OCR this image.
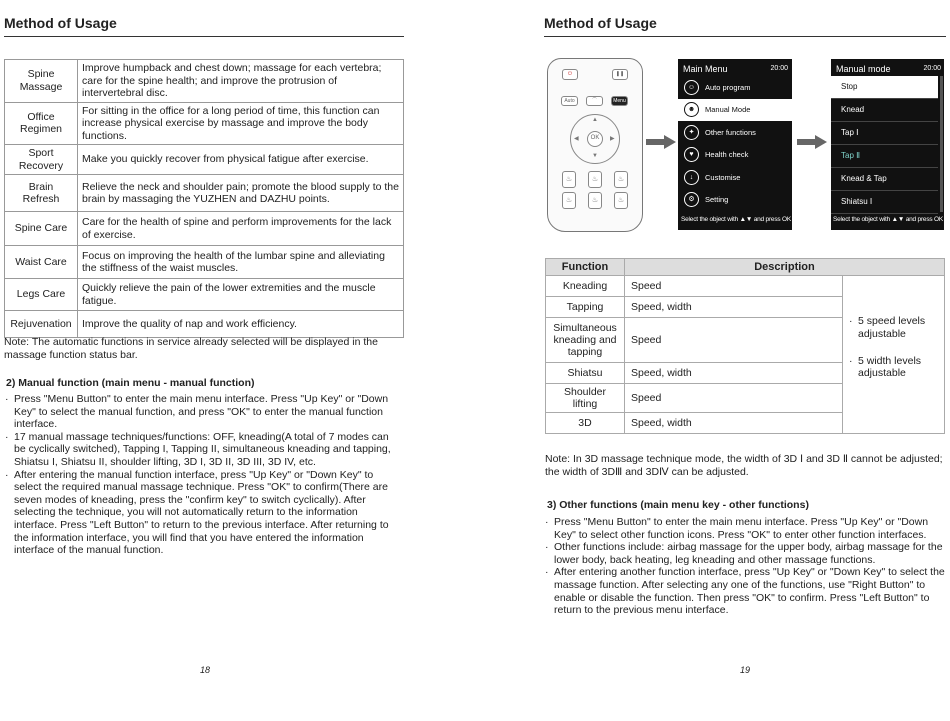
Method of Usage
Spine Massage	Improve humpback and chest down; massage for each vertebra; care for the spine health; and improve the protrusion of intervertebral disc.
Office Regimen	For sitting in the office for a long period of time, this function can increase physical exercise by massage and improve the body functions.
Sport Recovery	Make you quickly recover from physical fatigue after exercise.
Brain Refresh	Relieve the neck and shoulder pain; promote the blood supply to the brain by massaging the YUZHEN and DAZHU points.
Spine Care	Care for the health of spine and perform improvements for the lack of exercise.
Waist Care	Focus on improving the health of the lumbar spine and alleviating the stiffness of the waist muscles.
Legs Care	Quickly relieve the pain of the lower extremities and the muscle fatigue.
Rejuvenation	Improve the quality of nap and work efficiency.
Note: The automatic functions in service already selected will be displayed in the massage function status bar.
2) Manual function (main menu - manual function)
· Press "Menu Button" to enter the main menu interface. Press "Up Key" or "Down Key" to select the manual function, and press "OK" to enter the manual function interface.
· 17 manual massage techniques/functions: OFF, kneading(A total of 7 modes can be cyclically switched), Tapping I, Tapping II, simultaneous kneading and tapping, Shiatsu I, Shiatsu II, shoulder lifting, 3D I, 3D II, 3D III, 3D IV, etc.
· After entering the manual function interface, press "Up Key" or "Down Key" to select the required manual massage technique. Press "OK" to confirm(There are seven modes of kneading, press the "confirm key" to switch cyclically). After selecting the technique, you will not automatically return to the information interface. Press "Left Button" to return to the previous interface. After returning to the information interface, you will find that you have entered the information interface of the manual function.
18
Method of Usage
⏻	❚❚
Auto	⌒	Menu
▲
▼
◀	▶
OK
♨	♨	♨
♨	♨	♨
Main Menu	20:00
☺	Auto program
☻	Manual Mode
✦	Other functions
♥	Health check
↓	Customise
⚙	Setting
Select the object with ▲▼ and press OK
Manual mode	20:00
Stop
Knead
Tap Ⅰ
Tap Ⅱ
Knead & Tap
Shiatsu Ⅰ
Select the object with ▲▼ and press OK
Function	Description	
Kneading	Speed	· 5 speed levels adjustable
· 5 width levels adjustable

Tapping	Speed, width	
Simultaneous kneading and tapping	Speed	
Shiatsu	Speed, width	
Shoulder lifting	Speed	
3D	Speed, width	
Note: In 3D massage technique mode, the width of 3D Ⅰ and 3D Ⅱ cannot be adjusted; the width of 3DⅢ and 3DⅣ can be adjusted.
3) Other functions (main menu key - other functions)
· Press "Menu Button" to enter the main menu interface. Press "Up Key" or "Down Key" to select other function icons. Press "OK" to enter other function interfaces.
· Other functions include: airbag massage for the upper body, airbag massage for the lower body, back heating, leg kneading and other massage functions.
· After entering another function interface, press "Up Key" or "Down Key" to select the massage function. After selecting any one of the functions, use "Right Button" to enable or disable the function. Then press "OK" to confirm. Press "Left Button" to return to the previous menu interface.
19
